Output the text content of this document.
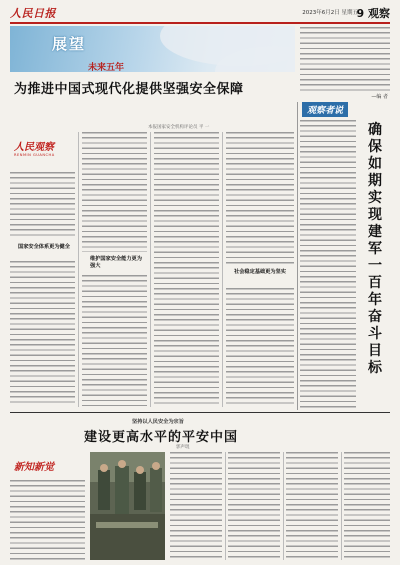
人民日报	2023年6月2日 星期五
9 观察
展望
未来五年
—编 者
为推进中国式现代化提供坚强安全保障
本报国家安全机构评论员 平 一
人民观察
RENMIN GUANCHA
国家安全体系更为健全
维护国家安全能力更为强大
社会稳定基础更为坚实
观察者说
确保如期实现建军一百年奋斗目标
坚持以人民安全为宗旨
建设更高水平的平安中国
郭声琨
新知新觉
